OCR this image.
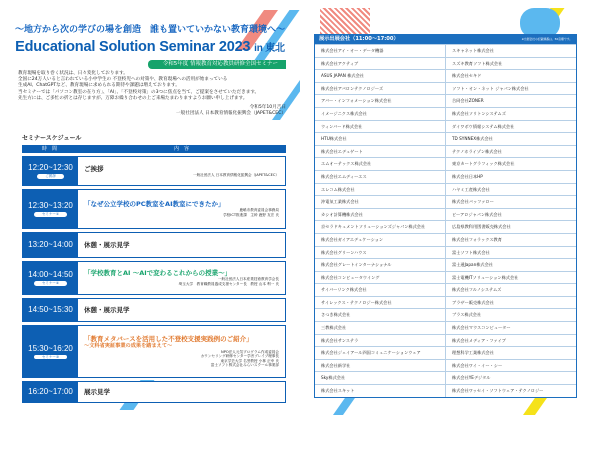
〜地方から次の学びの場を創造　誰も置いていかない教育環境へ〜
Educational Solution Seminar 2023 in 東北
令和5年度 情報教育対応教員研修全国セミナー
教育現場を取り巻く状況は、日々変化しております。
全国に24万人いると言われている小中学生の 不登校児への対策や、教育現場への活用が始まっている
生成AI、ChatGPTなど、教育現場に求められる期待や課題は増えております。
当セミナーでは「パソコン教室の在り方」、「AI」、「不登校対策」の3つに焦点を当て、ご提案をさせていただきます。
先生方には、ご多忙の折とは存じますが、万障お繰り合わせの上ご来場たまわりますようお願い申し上げます。
令和5年10月吉日
一般社団法人 日本教育情報化振興会（JAPET&CEC）
セミナースケジュール
時　間	内　容
12:20~12:30
ご挨拶
ご挨拶
一般社団法人 日本教育情報化振興会（JAPET&CEC）
12:30~13:20
セミナー①
「なぜ公立学校のPC教室をAI教室にできたか」
鹿嶋市教育委員会事務局
学校ICT推進課　主幹 鹿野 友宏 氏
13:20~14:00 休憩・展示見学
14:00~14:50
セミナー②
「学校教育とAI 〜AIで変わるこれからの授業〜」
一般社団法人日本産業技術教育学会長
埼玉大学　教育職教員養成支援センター長　教授 山本 利一 氏
14:50~15:30 休憩・展示見学
15:30~16:20
セミナー③
「教育メタバースを活用した不登校支援実践例のご紹介」
〜文科省実証事業の成果を踏まえて〜
NPO法人元気プログラム作成委員会
カウンセリング研修センター学舎ブレイブ理事長
東京学芸大学 名誉教授 小林 正幸 氏
富士ソフト株式会社みらいスクール事業部
16:20~17:00 展示見学
展示出展会社（11:00〜17:00）	※出展会社の記載順番は、50音順です。
株式会社アイ・オー・データ機器	スキャネット株式会社
株式会社アクティブ	スズキ教育ソフト株式会社
ASUS JAPAN 株式会社	株式会社セキド
株式会社アバロンテクノロジーズ	ソフト・オン・ネット ジャパン株式会社
アバー・インフォメーション株式会社	合同会社ZONER
イメージニクス株式会社	株式会社ソリトンシステムズ
ウィンバード株式会社	ダイワボウ情報システム株式会社
HTU株式会社	TD SYNNEX株式会社
株式会社エデュゲート	テクノホライゾン株式会社
エムオーテックス株式会社	東京カートグラフィック株式会社
株式会社エムディーエス	株式会社日本HP
エレコム株式会社	ハヤミ工産株式会社
沖電気工業株式会社	株式会社バッファロー
カシオ計算機株式会社	ピーアロジャパン株式会社
京セラドキュメントソリューションズジャパン株式会社	広島県教科用図書販売株式会社
株式会社ガイアエデュケーション	株式会社フォラックス教育
株式会社グリーンハウス	富士ソフト株式会社
株式会社グレートインターナショナル	富士通Japan株式会社
株式会社コンピュータウイング	富士電機ITソリューション株式会社
サイバーリンク株式会社	株式会社フルノシステムズ
サイレックス・テクノロジー株式会社	ブラザー販売株式会社
さつき株式会社	プラス株式会社
三教株式会社	株式会社マウスコンピューター
株式会社サンステラ	株式会社メディア・ファイブ
株式会社ジェイアール四国コミュニケーションウェア	理想科学工業株式会社
株式会社新学社	株式会社ワイ・イー・シー
Sky株式会社	株式会社YEデジタル
株式会社スキット	株式会社ワッセイ・ソフトウェア・テクノロジー
